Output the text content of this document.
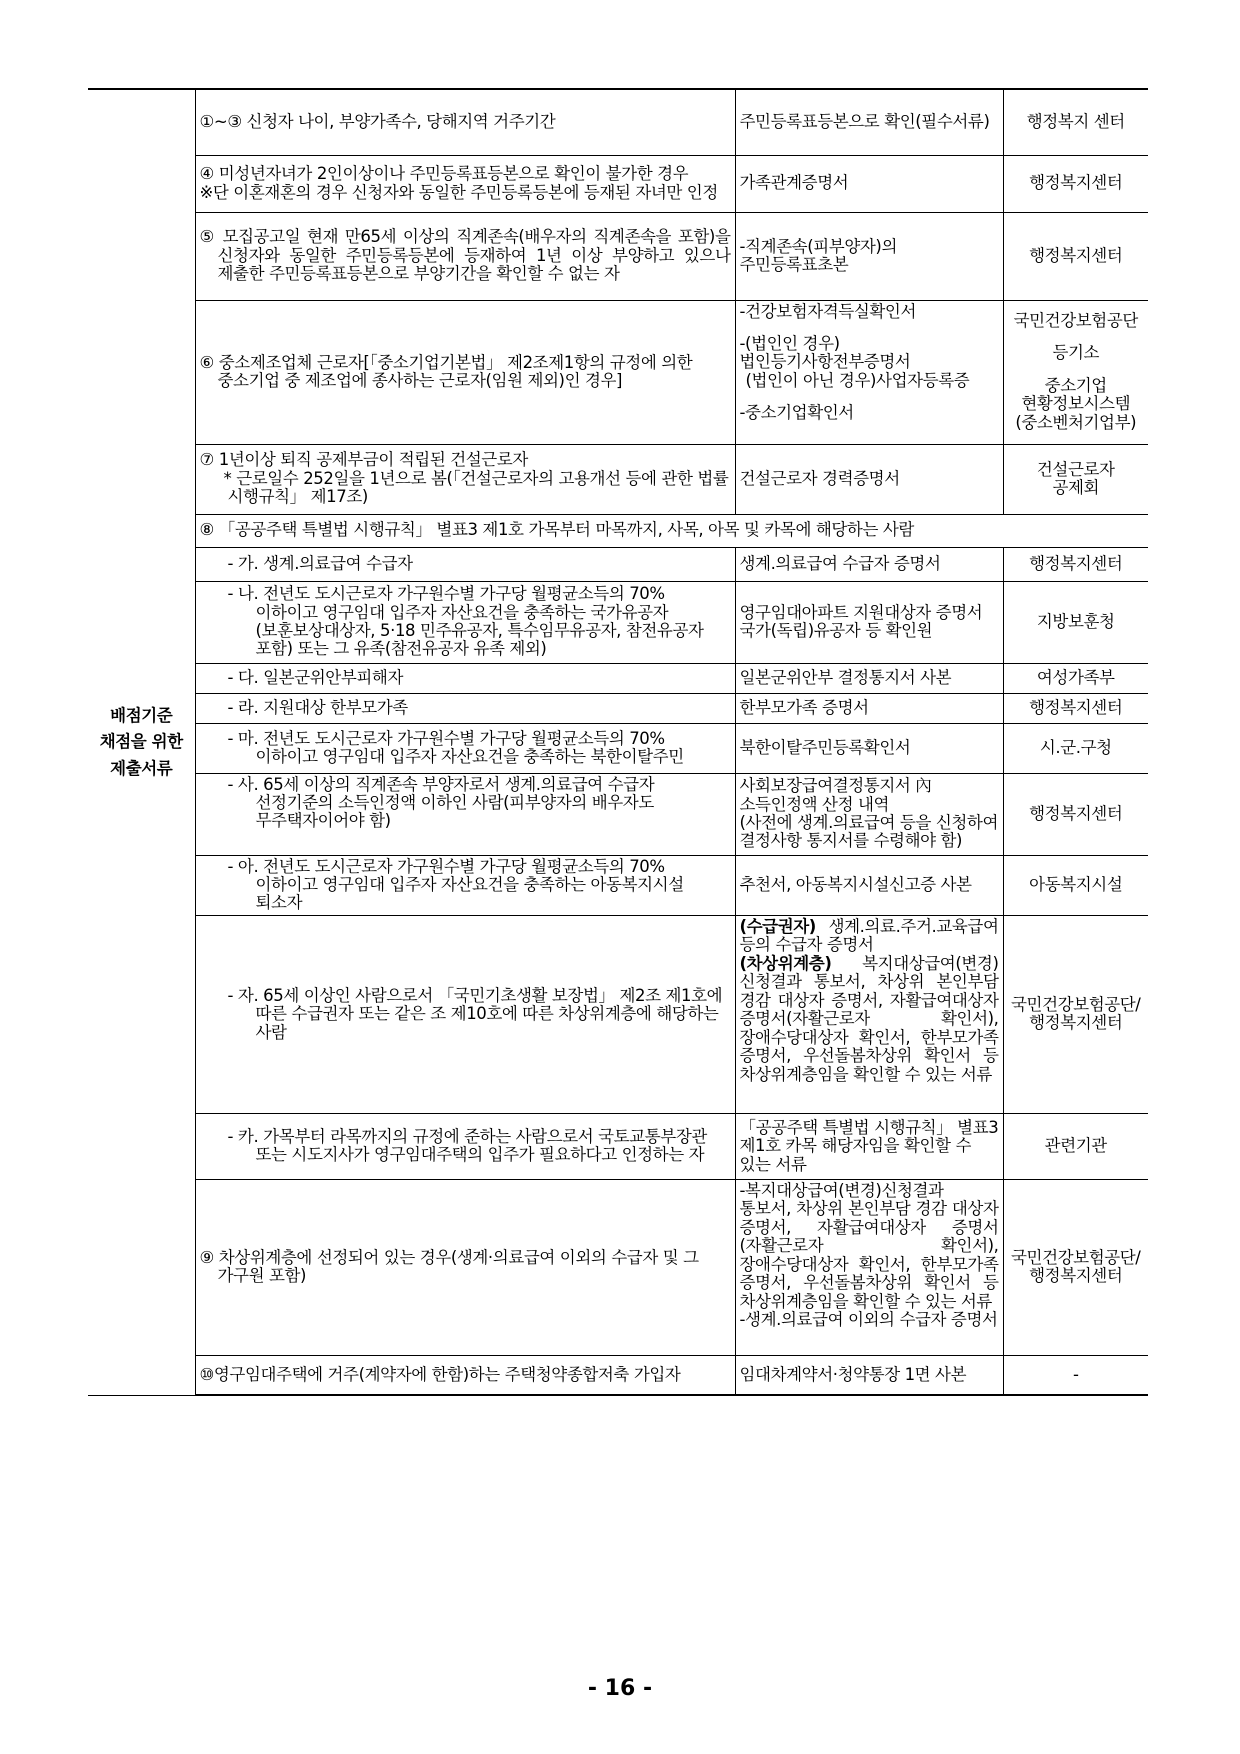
배점기준
채점을 위한
제출서류	①~③ 신청자 나이, 부양가족수, 당해지역 거주기간	주민등록표등본으로 확인(필수서류)	행정복지 센터

	④ 미성년자녀가 2인이상이나 주민등록표등본으로 확인이 불가한 경우
※단 이혼재혼의 경우 신청자와 동일한 주민등록등본에 등재된 자녀만 인정	가족관계증명서	행정복지센터

	⑤ 모집공고일 현재 만65세 이상의 직계존속(배우자의 직계존속을 포함)을 신청자와 동일한 주민등록등본에 등재하여 1년 이상 부양하고 있으나 제출한 주민등록표등본으로 부양기간을 확인할 수 없는 자	-직계존속(피부양자)의 주민등록표초본	행정복지센터

	⑥ 중소제조업체 근로자[「중소기업기본법」 제2조제1항의 규정에 의한 중소기업 중 제조업에 종사하는 근로자(임원 제외)인 경우]	-건강보험자격득실확인서
-(법인인 경우)법인등기사항전부증명서
(법인이 아닌 경우)사업자등록증
-중소기업확인서	국민건강보험공단
등기소
중소기업
현황정보시스템
(중소벤처기업부)

	⑦ 1년이상 퇴직 공제부금이 적립된 건설근로자
* 근로일수 252일을 1년으로 봄(「건설근로자의 고용개선 등에 관한 법률 시행규칙」 제17조)	건설근로자 경력증명서	건설근로자
공제회

	⑧ 「공공주택 특별법 시행규칙」 별표3 제1호 가목부터 마목까지, 사목, 아목 및 카목에 해당하는 사람		

	- 가. 생계.의료급여 수급자	생계.의료급여 수급자 증명서	행정복지센터

	- 나. 전년도 도시근로자 가구원수별 가구당 월평균소득의 70% 이하이고 영구임대 입주자 자산요건을 충족하는 국가유공자(보훈보상대상자, 5·18 민주유공자, 특수임무유공자, 참전유공자 포함) 또는 그 유족(참전유공자 유족 제외)	영구임대아파트 지원대상자 증명서
국가(독립)유공자 등 확인원	지방보훈청

	- 다. 일본군위안부피해자	일본군위안부 결정통지서 사본	여성가족부

	- 라. 지원대상 한부모가족	한부모가족 증명서	행정복지센터

	- 마. 전년도 도시근로자 가구원수별 가구당 월평균소득의 70% 이하이고 영구임대 입주자 자산요건을 충족하는 북한이탈주민	북한이탈주민등록확인서	시.군.구청

	- 사. 65세 이상의 직계존속 부양자로서 생계.의료급여 수급자 선정기준의 소득인정액 이하인 사람(피부양자의 배우자도 무주택자이어야 함)	사회보장급여결정통지서 內 소득인정액 산정 내역
(사전에 생계.의료급여 등을 신청하여 결정사항 통지서를 수령해야 함)	행정복지센터

	- 아. 전년도 도시근로자 가구원수별 가구당 월평균소득의 70% 이하이고 영구임대 입주자 자산요건을 충족하는 아동복지시설 퇴소자	추천서, 아동복지시설신고증 사본	아동복지시설

	- 자. 65세 이상인 사람으로서 「국민기초생활 보장법」 제2조 제1호에 따른 수급권자 또는 같은 조 제10호에 따른 차상위계층에 해당하는 사람	(수급권자) 생계.의료.주거.교육급여 등의 수급자 증명서
(차상위계층) 복지대상급여(변경)신청결과 통보서, 차상위 본인부담 경감 대상자 증명서, 자활급여대상자 증명서(자활근로자 확인서), 장애수당대상자 확인서, 한부모가족 증명서, 우선돌봄차상위 확인서 등 차상위계층임을 확인할 수 있는 서류	국민건강보험공단/
행정복지센터

	- 카. 가목부터 라목까지의 규정에 준하는 사람으로서 국토교통부장관 또는 시도지사가 영구임대주택의 입주가 필요하다고 인정하는 자	「공공주택 특별법 시행규칙」 별표3 제1호 카목 해당자임을 확인할 수 있는 서류	관련기관

	⑨ 차상위계층에 선정되어 있는 경우(생계·의료급여 이외의 수급자 및 그 가구원 포함)	-복지대상급여(변경)신청결과 통보서, 차상위 본인부담 경감 대상자 증명서, 자활급여대상자 증명서(자활근로자 확인서), 장애수당대상자 확인서, 한부모가족 증명서, 우선돌봄차상위 확인서 등 차상위계층임을 확인할 수 있는 서류
-생계.의료급여 이외의 수급자 증명서	국민건강보험공단/
행정복지센터

	⑩영구임대주택에 거주(계약자에 한함)하는 주택청약종합저축 가입자	임대차계약서·청약통장 1면 사본	-
- 16 -
